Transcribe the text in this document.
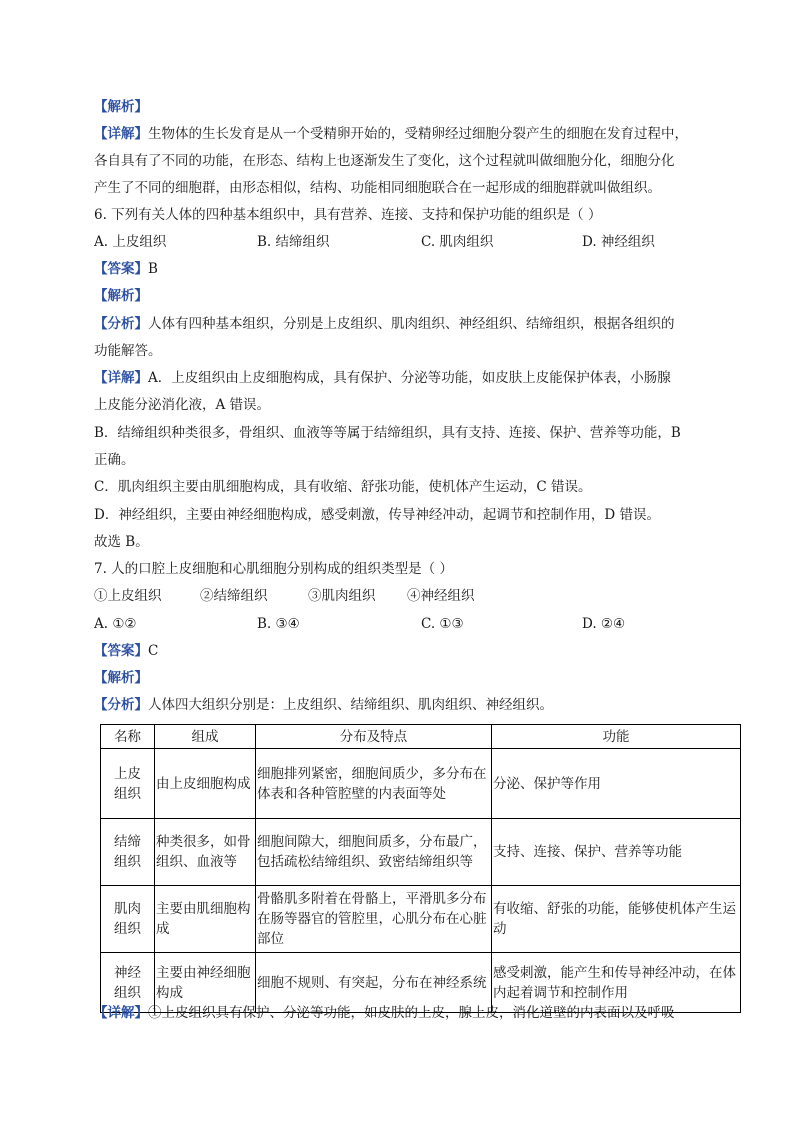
【解析】
【详解】生物体的生长发育是从一个受精卵开始的，受精卵经过细胞分裂产生的细胞在发育过程中，
各自具有了不同的功能，在形态、结构上也逐渐发生了变化，这个过程就叫做细胞分化，细胞分化
产生了不同的细胞群，由形态相似，结构、功能相同细胞联合在一起形成的细胞群就叫做组织。
6. 下列有关人体的四种基本组织中，具有营养、连接、支持和保护功能的组织是（ ）
A. 上皮组织	B. 结缔组织	C. 肌肉组织	D. 神经组织
【答案】B
【解析】
【分析】人体有四种基本组织，分别是上皮组织、肌肉组织、神经组织、结缔组织，根据各组织的
功能解答。
【详解】A．上皮组织由上皮细胞构成，具有保护、分泌等功能，如皮肤上皮能保护体表，小肠腺
上皮能分泌消化液，A 错误。
B．结缔组织种类很多，骨组织、血液等等属于结缔组织，具有支持、连接、保护、营养等功能，B
正确。
C．肌肉组织主要由肌细胞构成，具有收缩、舒张功能，使机体产生运动，C 错误。
D．神经组织，主要由神经细胞构成，感受刺激，传导神经冲动，起调节和控制作用，D 错误。
故选 B。
7. 人的口腔上皮细胞和心肌细胞分别构成的组织类型是（ ）
①上皮组织	②结缔组织	③肌肉组织 ④神经组织
A. ①②	B. ③④	C. ①③	D. ②④
【答案】C
【解析】
【分析】人体四大组织分别是：上皮组织、结缔组织、肌肉组织、神经组织。
名称	组成	分布及特点	功能
上皮
组织	由上皮细胞构成	细胞排列紧密，细胞间质少，多分布在体表和各种管腔壁的内表面等处	分泌、保护等作用
结缔
组织	种类很多，如骨组织、血液等	细胞间隙大，细胞间质多，分布最广，包括疏松结缔组织、致密结缔组织等	支持、连接、保护、营养等功能
肌肉
组织	主要由肌细胞构成	骨骼肌多附着在骨骼上，平滑肌多分布在肠等器官的管腔里，心肌分布在心脏部位	有收缩、舒张的功能，能够使机体产生运动
神经
组织	主要由神经细胞构成	细胞不规则、有突起，分布在神经系统	感受刺激，能产生和传导神经冲动，在体内起着调节和控制作用
【详解】①上皮组织具有保护、分泌等功能，如皮肤的上皮，腺上皮，消化道壁的内表面以及呼吸
